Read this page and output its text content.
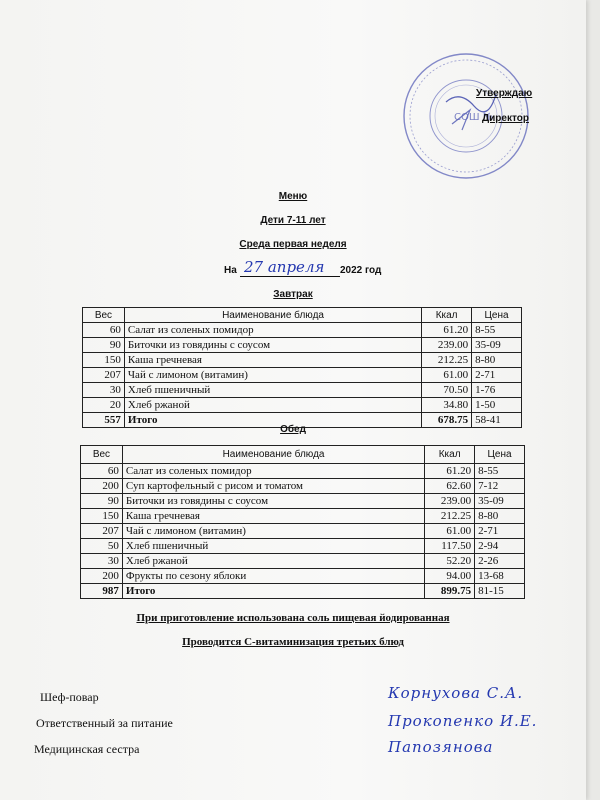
СОШ №
Утверждаю
Директор
Меню
Дети 7-11 лет
Среда первая неделя
На 27 апреля 2022 год
Завтрак
Вес	Наименование блюда	Ккал	Цена
60	Салат из соленых помидор	61.20	8-55
90	Биточки из говядины с соусом	239.00	35-09
150	Каша гречневая	212.25	8-80
207	Чай с лимоном (витамин)	61.00	2-71
30	Хлеб пшеничный	70.50	1-76
20	Хлеб ржаной	34.80	1-50
557	Итого	678.75	58-41
Обед
Вес	Наименование блюда	Ккал	Цена
60	Салат из соленых помидор	61.20	8-55
200	Суп картофельный с рисом и томатом	62.60	7-12
90	Биточки из говядины с соусом	239.00	35-09
150	Каша гречневая	212.25	8-80
207	Чай с лимоном (витамин)	61.00	2-71
50	Хлеб пшеничный	117.50	2-94
30	Хлеб ржаной	52.20	2-26
200	Фрукты по сезону яблоки	94.00	13-68
987	Итого	899.75	81-15
При приготовление использована соль пищевая йодированная
Проводится С-витаминизация третьих блюд
Шеф-повар	Корнухова С.А.
Ответственный за питание	Прокопенко И.Е.
Медицинская сестра	Папозянова
